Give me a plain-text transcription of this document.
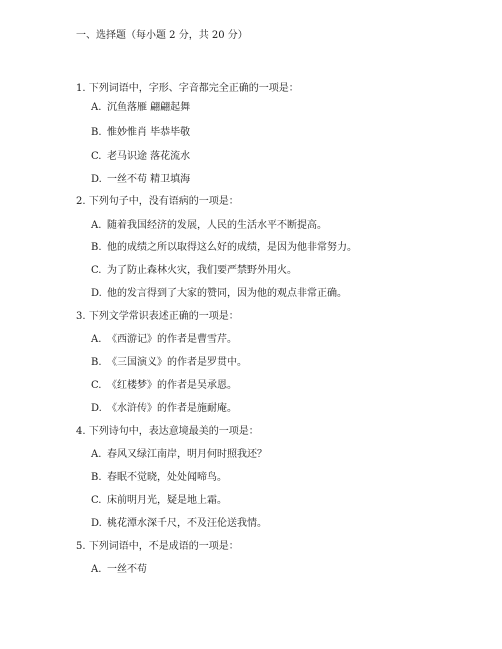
一、选择题（每小题 2 分，共 20 分）
1. 下列词语中，字形、字音都完全正确的一项是：
A. 沉鱼落雁 翩翩起舞
B. 惟妙惟肖 毕恭毕敬
C. 老马识途 落花流水
D. 一丝不苟 精卫填海
2. 下列句子中，没有语病的一项是：
A. 随着我国经济的发展，人民的生活水平不断提高。
B. 他的成绩之所以取得这么好的成绩，是因为他非常努力。
C. 为了防止森林火灾，我们要严禁野外用火。
D. 他的发言得到了大家的赞同，因为他的观点非常正确。
3. 下列文学常识表述正确的一项是：
A. 《西游记》的作者是曹雪芹。
B. 《三国演义》的作者是罗贯中。
C. 《红楼梦》的作者是吴承恩。
D. 《水浒传》的作者是施耐庵。
4. 下列诗句中，表达意境最美的一项是：
A. 春风又绿江南岸，明月何时照我还？
B. 春眠不觉晓，处处闻啼鸟。
C. 床前明月光，疑是地上霜。
D. 桃花潭水深千尺，不及汪伦送我情。
5. 下列词语中，不是成语的一项是：
A. 一丝不苟
